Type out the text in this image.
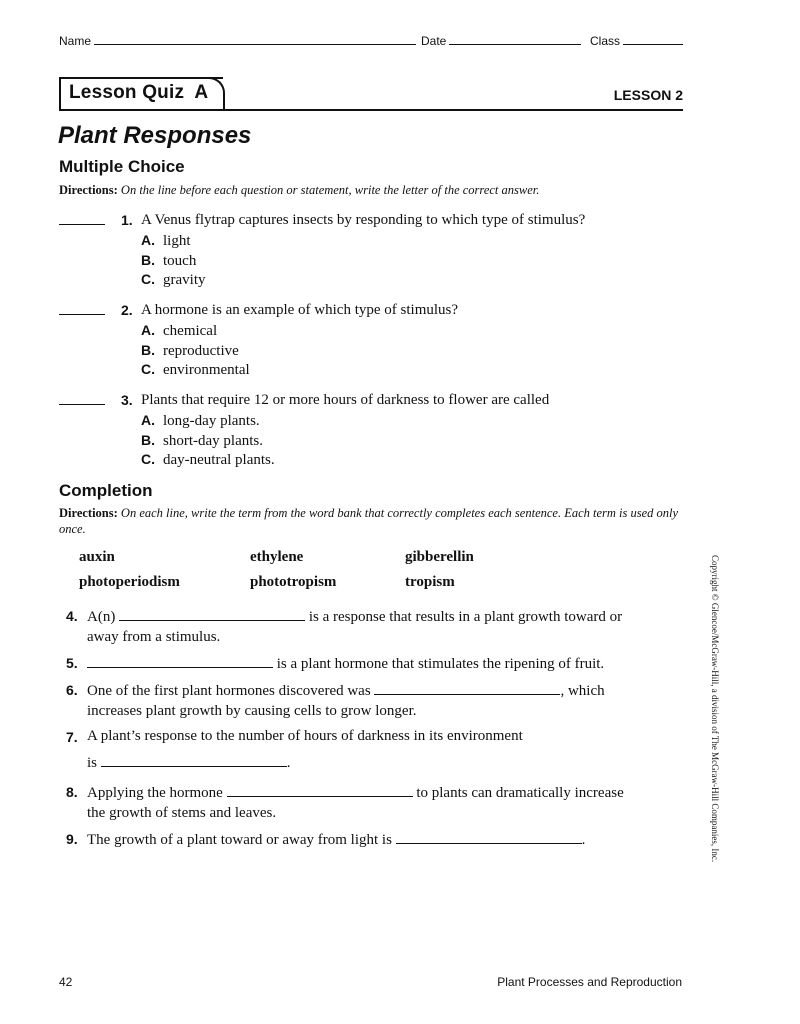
Name	Date	Class
Lesson Quiz  A	LESSON 2
Plant Responses
Multiple Choice
Directions: On the line before each question or statement, write the letter of the correct answer.
1. A Venus flytrap captures insects by responding to which type of stimulus?
A. light
B. touch
C. gravity
2. A hormone is an example of which type of stimulus?
A. chemical
B. reproductive
C. environmental
3. Plants that require 12 or more hours of darkness to flower are called
A. long-day plants.
B. short-day plants.
C. day-neutral plants.
Completion
Directions: On each line, write the term from the word bank that correctly completes each sentence. Each term is used only once.
auxin	ethylene	gibberellin
photoperiodism	phototropism	tropism
4. A(n)	is a response that results in a plant growth toward or
away from a stimulus.
5.	is a plant hormone that stimulates the ripening of fruit.
6. One of the first plant hormones discovered was	, which
increases plant growth by causing cells to grow longer.
7. A plant’s response to the number of hours of darkness in its environment
is	.
8. Applying the hormone	to plants can dramatically increase
the growth of stems and leaves.
9. The growth of a plant toward or away from light is	.	Copyright © Glencoe/McGraw-Hill, a division of The McGraw-Hill Companies, Inc.
42	Plant Processes and Reproduction
